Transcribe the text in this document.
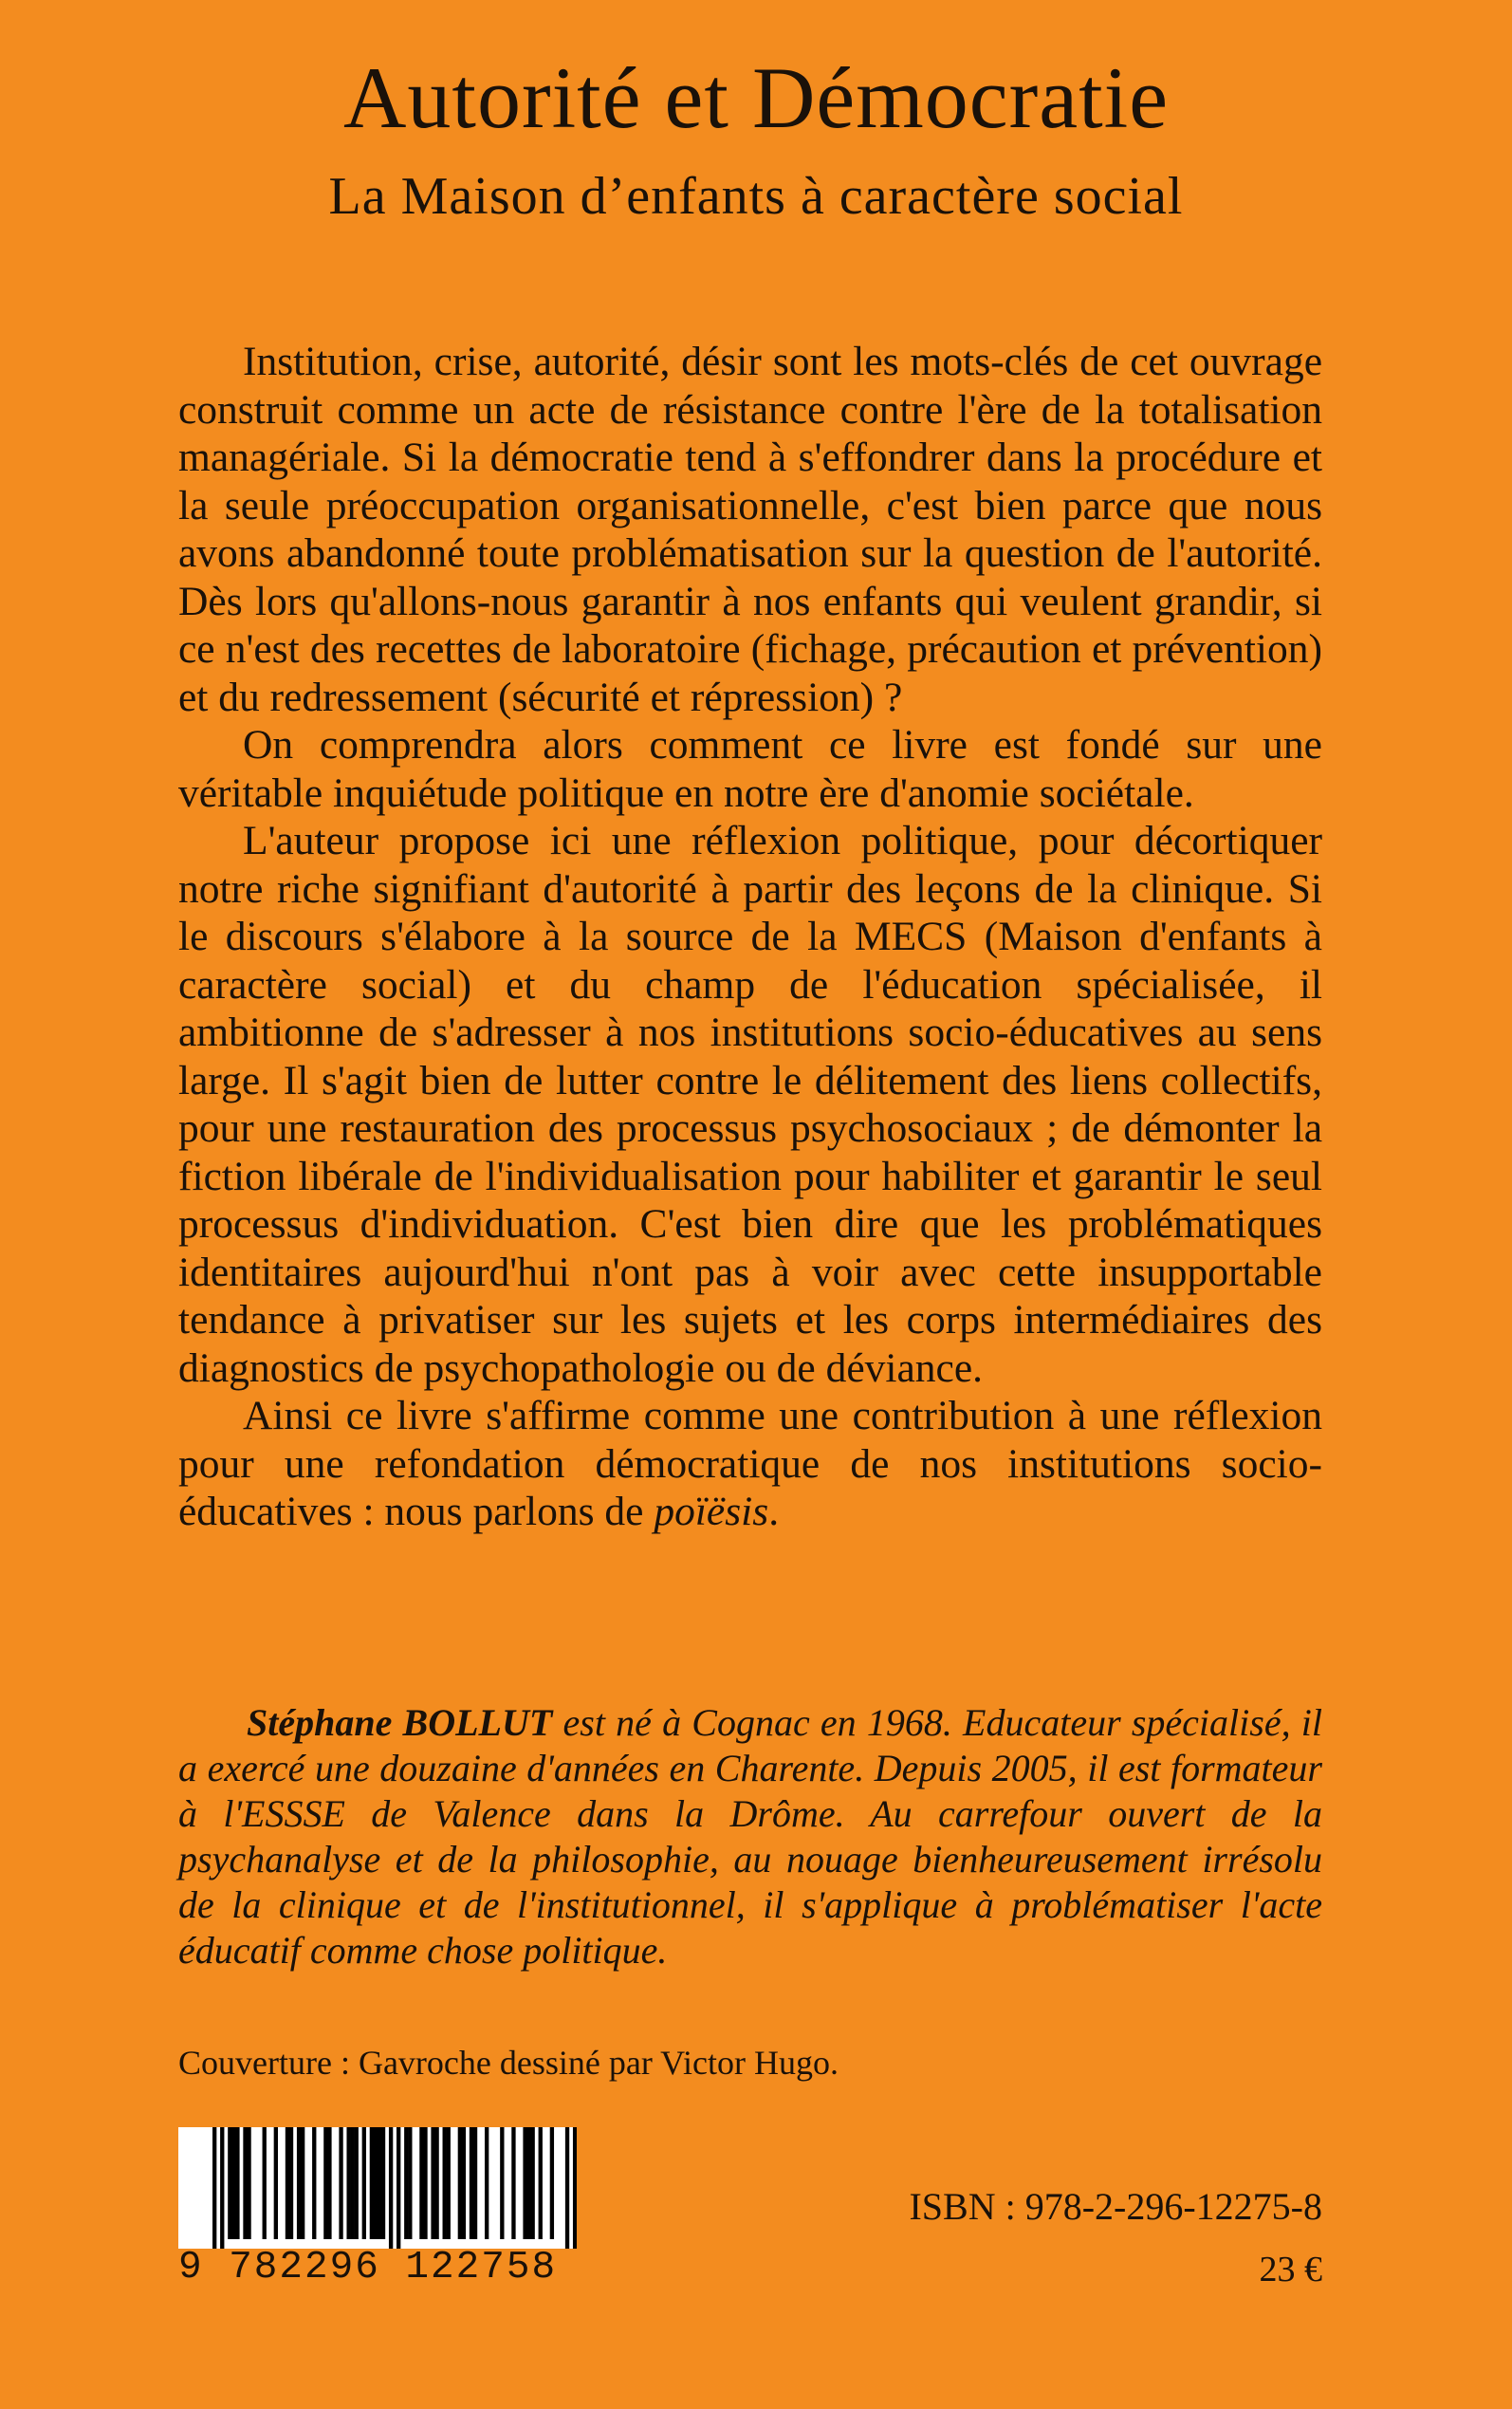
Autorité et Démocratie
La Maison d’enfants à caractère social

Institution, crise, autorité, désir sont les mots-clés de cet ouvrage construit comme un acte de résistance contre l'ère de la totalisation managériale. Si la démocratie tend à s'effondrer dans la procédure et la seule préoccupation organisationnelle, c'est bien parce que nous avons abandonné toute problématisation sur la question de l'autorité. Dès lors qu'allons-nous garantir à nos enfants qui veulent grandir, si ce n'est des recettes de laboratoire (fichage, précaution et prévention) et du redressement (sécurité et répression) ?

On comprendra alors comment ce livre est fondé sur une véritable inquiétude politique en notre ère d'anomie sociétale.

L'auteur propose ici une réflexion politique, pour décortiquer notre riche signifiant d'autorité à partir des leçons de la clinique. Si le discours s'élabore à la source de la MECS (Maison d'enfants à caractère social) et du champ de l'éducation spécialisée, il ambitionne de s'adresser à nos institutions socio-éducatives au sens large. Il s'agit bien de lutter contre le délitement des liens collectifs, pour une restauration des processus psychosociaux ; de démonter la fiction libérale de l'individualisation pour habiliter et garantir le seul processus d'individuation. C'est bien dire que les problématiques identitaires aujourd'hui n'ont pas à voir avec cette insupportable tendance à privatiser sur les sujets et les corps intermédiaires des diagnostics de psychopathologie ou de déviance.

Ainsi ce livre s'affirme comme une contribution à une réflexion pour une refondation démocratique de nos institutions socio-éducatives : nous parlons de poïësis.

Stéphane BOLLUT est né à Cognac en 1968. Educateur spécialisé, il a exercé une douzaine d'années en Charente. Depuis 2005, il est formateur à l'ESSSE de Valence dans la Drôme. Au carrefour ouvert de la psychanalyse et de la philosophie, au nouage bienheureusement irrésolu de la clinique et de l'institutionnel, il s'applique à problématiser l'acte éducatif comme chose politique.

Couverture : Gavroche dessiné par Victor Hugo.

9 782296 122758

ISBN : 978-2-296-12275-8

23 €
